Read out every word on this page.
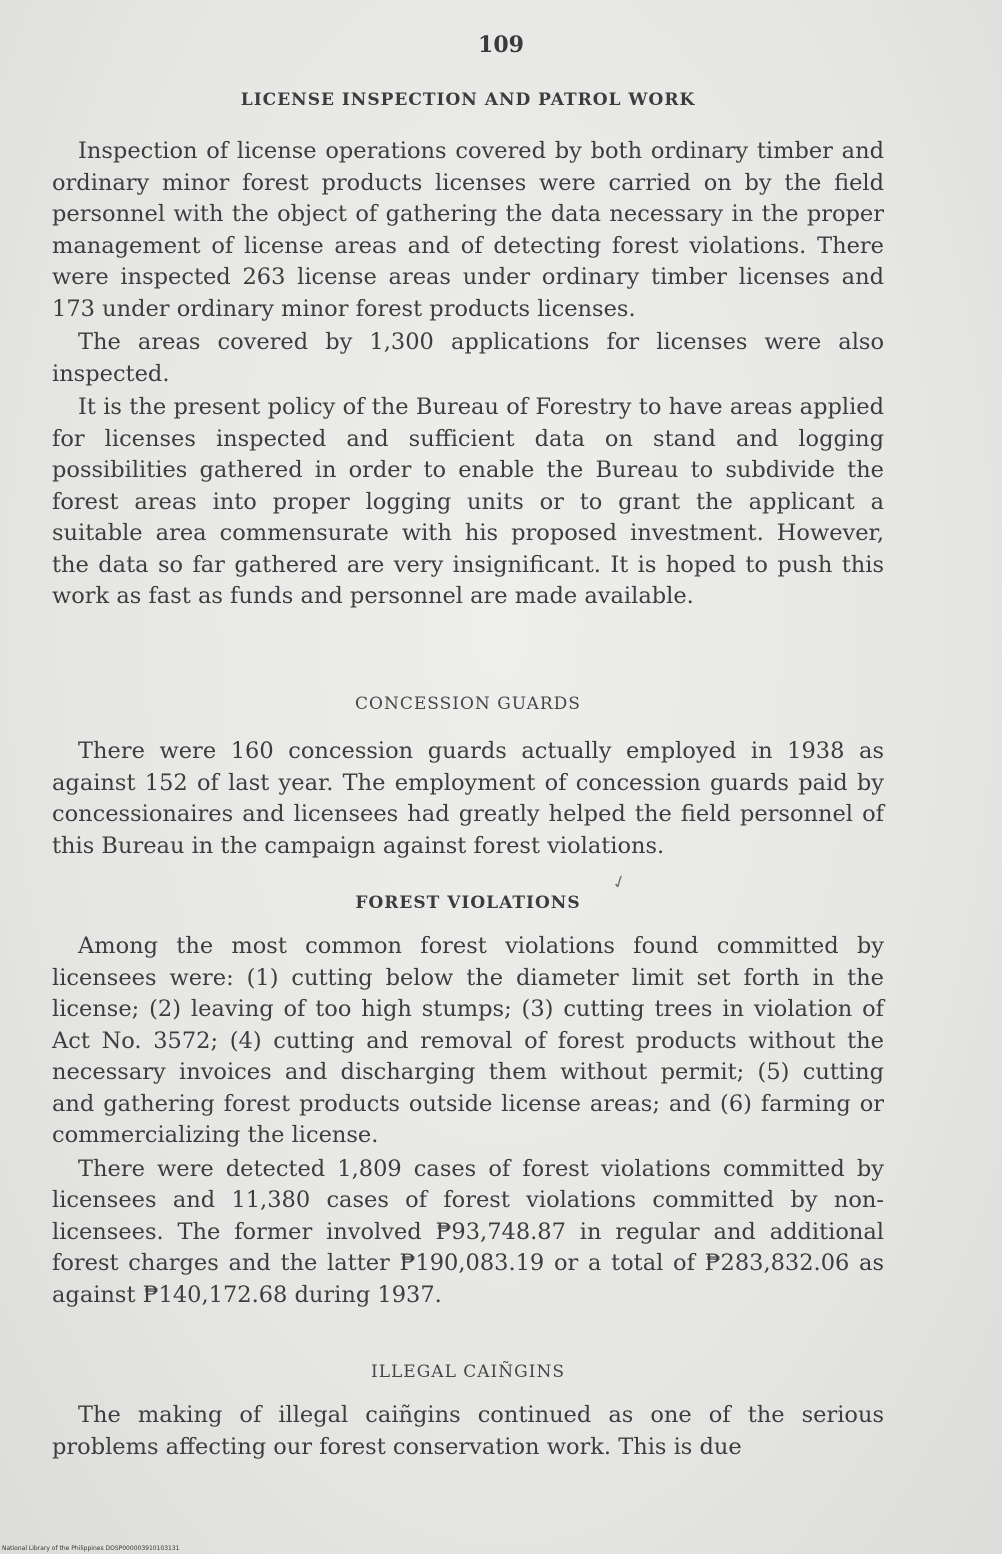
109
LICENSE INSPECTION AND PATROL WORK

Inspection of license operations covered by both ordinary timber and ordinary minor forest products licenses were carried on by the field personnel with the object of gathering the data necessary in the proper management of license areas and of detecting forest violations. There were inspected 263 license areas under ordinary timber licenses and 173 under ordinary minor forest products licenses.

The areas covered by 1,300 applications for licenses were also inspected.

It is the present policy of the Bureau of Forestry to have areas applied for licenses inspected and sufficient data on stand and logging possibilities gathered in order to enable the Bureau to subdivide the forest areas into proper logging units or to grant the applicant a suitable area commensurate with his proposed investment. However, the data so far gathered are very insignificant. It is hoped to push this work as fast as funds and personnel are made available.

CONCESSION GUARDS

There were 160 concession guards actually employed in 1938 as against 152 of last year. The employment of concession guards paid by concessionaires and licensees had greatly helped the field personnel of this Bureau in the campaign against forest violations.

FOREST VIOLATIONS

Among the most common forest violations found committed by licensees were: (1) cutting below the diameter limit set forth in the license; (2) leaving of too high stumps; (3) cutting trees in violation of Act No. 3572; (4) cutting and removal of forest products without the necessary invoices and discharging them without permit; (5) cutting and gathering forest products outside license areas; and (6) farming or commercializing the license.

There were detected 1,809 cases of forest violations committed by licensees and 11,380 cases of forest violations committed by non-licensees. The former involved ₱93,748.87 in regular and additional forest charges and the latter ₱190,083.19 or a total of ₱283,832.06 as against ₱140,172.68 during 1937.

✓
ILLEGAL CAIÑGINS

The making of illegal caiñgins continued as one of the serious problems affecting our forest conservation work. This is due

National Library of the Philippines DOSP000003910103131
